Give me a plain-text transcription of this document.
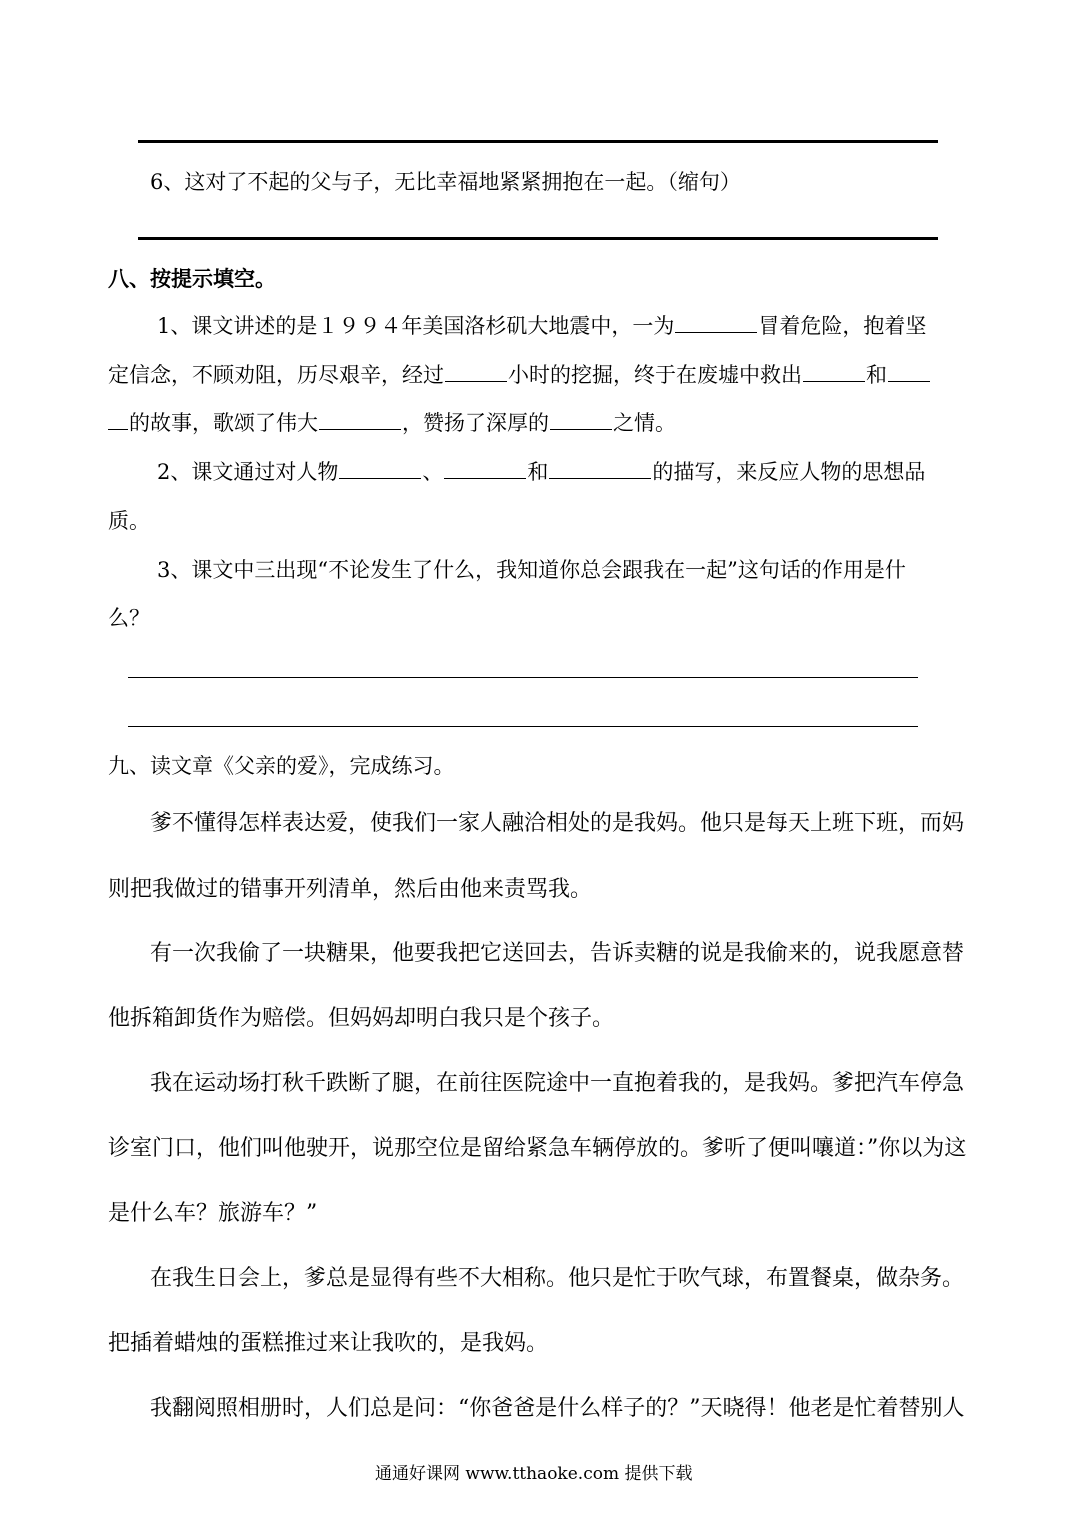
6、这对了不起的父与子，无比幸福地紧紧拥抱在一起。（缩句）
八、按提示填空。
1、课文讲述的是１９９４年美国洛杉矶大地震中，一为	冒着危险，抱着坚
定信念，不顾劝阻，历尽艰辛，经过	小时的挖掘，终于在废墟中救出	和
的故事，歌颂了伟大	，赞扬了深厚的	之情。
2、课文通过对人物	、	和	的描写，来反应人物的思想品
质。
3、课文中三出现“不论发生了什么，我知道你总会跟我在一起”这句话的作用是什
么？
九、读文章《父亲的爱》，完成练习。
爹不懂得怎样表达爱，使我们一家人融洽相处的是我妈。他只是每天上班下班，而妈
则把我做过的错事开列清单，然后由他来责骂我。
有一次我偷了一块糖果，他要我把它送回去，告诉卖糖的说是我偷来的，说我愿意替
他拆箱卸货作为赔偿。但妈妈却明白我只是个孩子。
我在运动场打秋千跌断了腿，在前往医院途中一直抱着我的，是我妈。爹把汽车停急
诊室门口，他们叫他驶开，说那空位是留给紧急车辆停放的。爹听了便叫嚷道：”你以为这
是什么车？旅游车？”
在我生日会上，爹总是显得有些不大相称。他只是忙于吹气球，布置餐桌，做杂务。
把插着蜡烛的蛋糕推过来让我吹的，是我妈。
我翻阅照相册时，人们总是问：“你爸爸是什么样子的？”天晓得！他老是忙着替别人
通通好课网 www.tthaoke.com 提供下载
